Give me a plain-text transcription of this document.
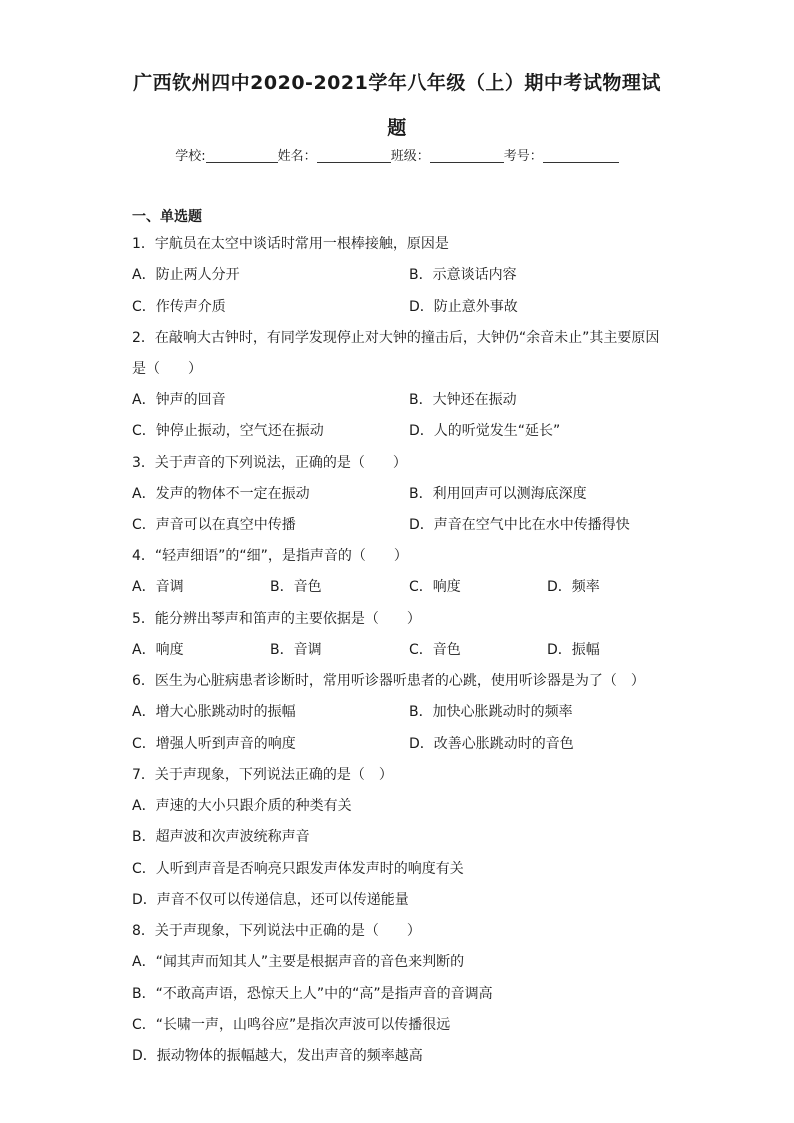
广西钦州四中2020-2021学年八年级（上）期中考试物理试
题
学校:	姓名：	班级：	考号：
一、单选题
1．宇航员在太空中谈话时常用一根棒接触，原因是
A．防止两人分开	B．示意谈话内容
C．作传声介质	D．防止意外事故
2．在敲响大古钟时，有同学发现停止对大钟的撞击后，大钟仍“余音未止”其主要原因
是（　　）
A．钟声的回音	B．大钟还在振动
C．钟停止振动，空气还在振动	D．人的听觉发生“延长”
3．关于声音的下列说法，正确的是（　　）
A．发声的物体不一定在振动	B．利用回声可以测海底深度
C．声音可以在真空中传播	D．声音在空气中比在水中传播得快
4．“轻声细语”的“细”，是指声音的（　　）
A．音调	B．音色	C．响度	D．频率
5．能分辨出琴声和笛声的主要依据是（　　）
A．响度	B．音调	C．音色	D．振幅
6．医生为心脏病患者诊断时，常用听诊器听患者的心跳，使用听诊器是为了（　）
A．增大心胀跳动时的振幅	B．加快心胀跳动时的频率
C．增强人听到声音的响度	D．改善心胀跳动时的音色
7．关于声现象，下列说法正确的是（　）
A．声速的大小只跟介质的种类有关
B．超声波和次声波统称声音
C．人听到声音是否响亮只跟发声体发声时的响度有关
D．声音不仅可以传递信息，还可以传递能量
8．关于声现象，下列说法中正确的是（　　）
A．“闻其声而知其人”主要是根据声音的音色来判断的
B．“不敢高声语，恐惊天上人”中的“高”是指声音的音调高
C．“长啸一声，山鸣谷应”是指次声波可以传播很远
D．振动物体的振幅越大，发出声音的频率越高
